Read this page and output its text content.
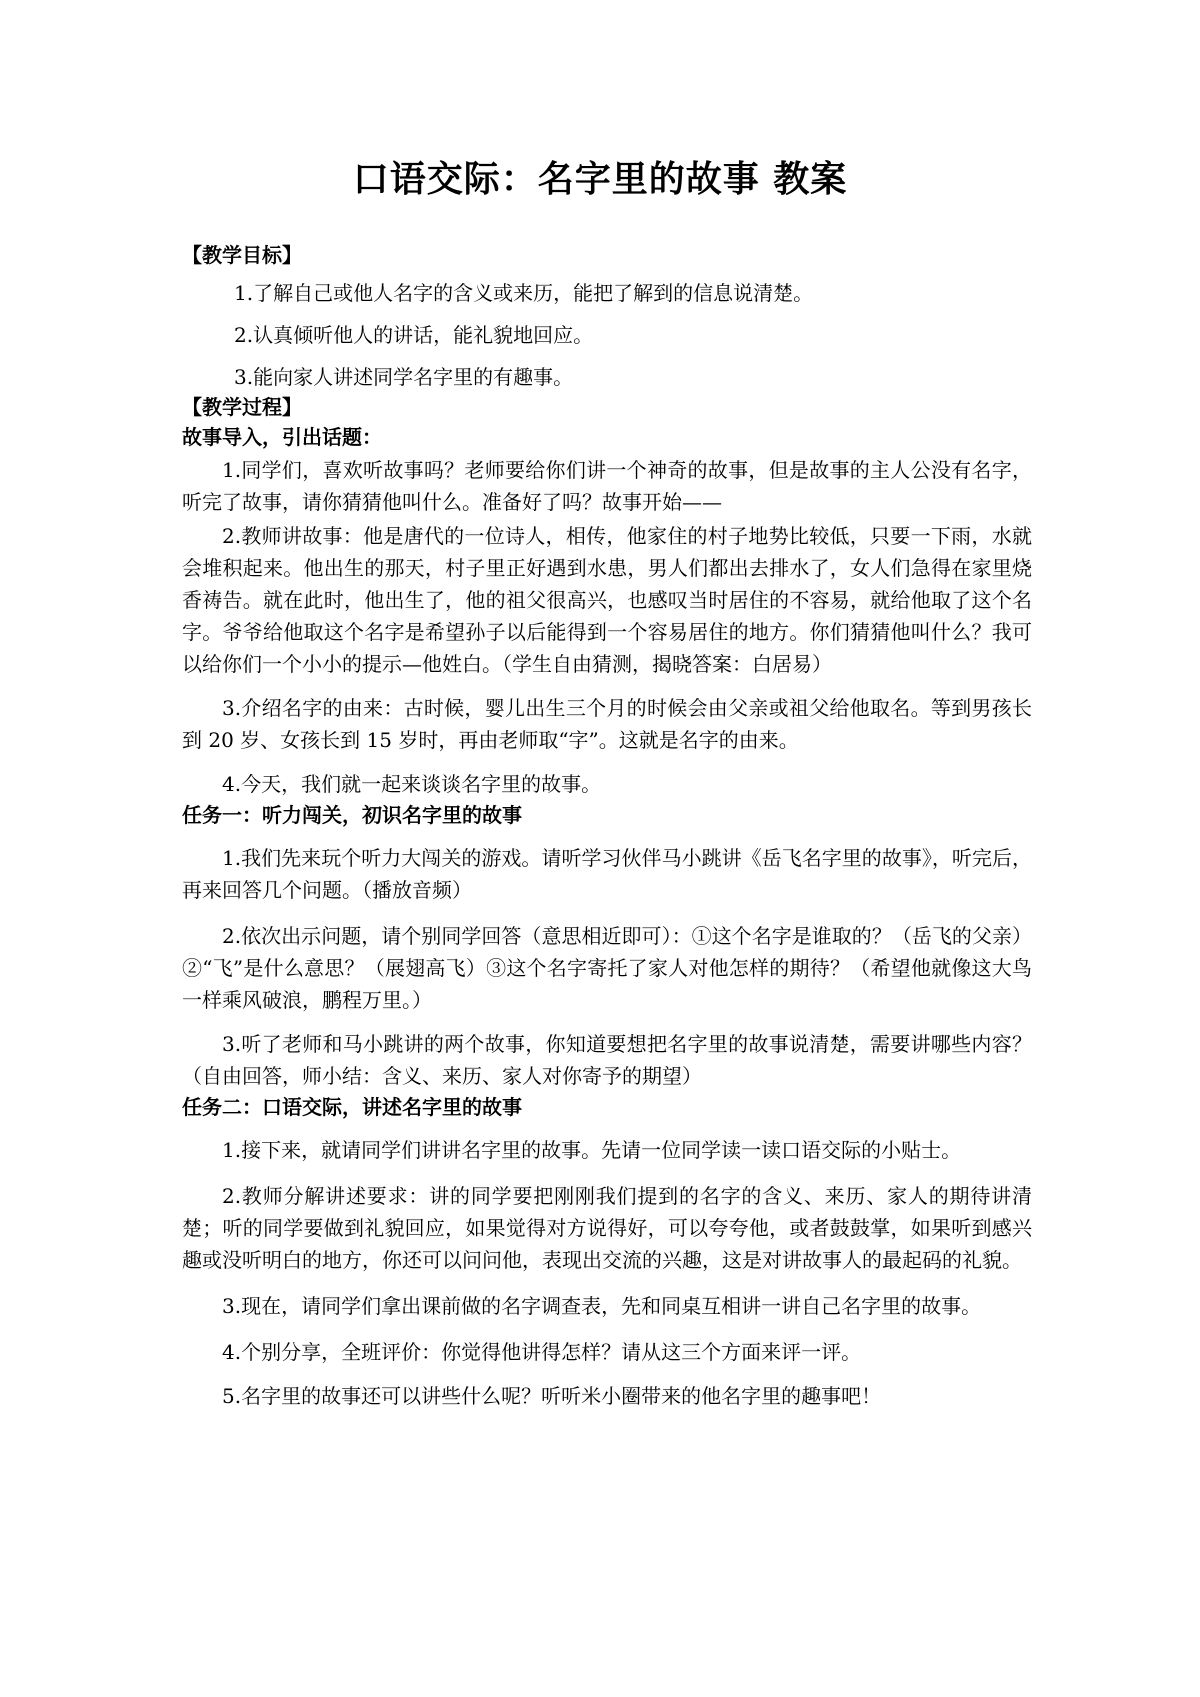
口语交际：名字里的故事 教案

【教学目标】

1.了解自己或他人名字的含义或来历，能把了解到的信息说清楚。

2.认真倾听他人的讲话，能礼貌地回应。

3.能向家人讲述同学名字里的有趣事。

【教学过程】

故事导入，引出话题：

1.同学们，喜欢听故事吗？老师要给你们讲一个神奇的故事，但是故事的主人公没有名字，听完了故事，请你猜猜他叫什么。准备好了吗？故事开始——

2.教师讲故事：他是唐代的一位诗人，相传，他家住的村子地势比较低，只要一下雨，水就会堆积起来。他出生的那天，村子里正好遇到水患，男人们都出去排水了，女人们急得在家里烧香祷告。就在此时，他出生了，他的祖父很高兴，也感叹当时居住的不容易，就给他取了这个名字。爷爷给他取这个名字是希望孙子以后能得到一个容易居住的地方。你们猜猜他叫什么？我可以给你们一个小小的提示—他姓白。（学生自由猜测，揭晓答案：白居易）

3.介绍名字的由来：古时候，婴儿出生三个月的时候会由父亲或祖父给他取名。等到男孩长到 20 岁、女孩长到 15 岁时，再由老师取“字”。这就是名字的由来。

4.今天，我们就一起来谈谈名字里的故事。

任务一：听力闯关，初识名字里的故事

1.我们先来玩个听力大闯关的游戏。请听学习伙伴马小跳讲《岳飞名字里的故事》，听完后，再来回答几个问题。（播放音频）

2.依次出示问题，请个别同学回答（意思相近即可）：①这个名字是谁取的？（岳飞的父亲）②“飞”是什么意思？（展翅高飞）③这个名字寄托了家人对他怎样的期待？（希望他就像这大鸟一样乘风破浪，鹏程万里。）

3.听了老师和马小跳讲的两个故事，你知道要想把名字里的故事说清楚，需要讲哪些内容？（自由回答，师小结：含义、来历、家人对你寄予的期望）

任务二：口语交际，讲述名字里的故事

1.接下来，就请同学们讲讲名字里的故事。先请一位同学读一读口语交际的小贴士。

2.教师分解讲述要求：讲的同学要把刚刚我们提到的名字的含义、来历、家人的期待讲清楚；听的同学要做到礼貌回应，如果觉得对方说得好，可以夸夸他，或者鼓鼓掌，如果听到感兴趣或没听明白的地方，你还可以问问他，表现出交流的兴趣，这是对讲故事人的最起码的礼貌。

3.现在，请同学们拿出课前做的名字调查表，先和同桌互相讲一讲自己名字里的故事。

4.个别分享，全班评价：你觉得他讲得怎样？请从这三个方面来评一评。

5.名字里的故事还可以讲些什么呢？听听米小圈带来的他名字里的趣事吧！
